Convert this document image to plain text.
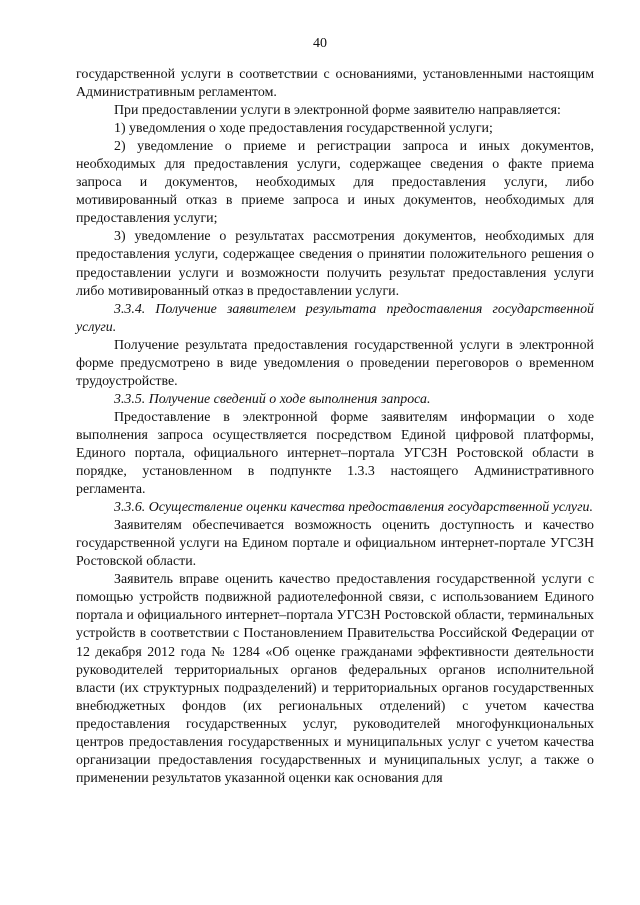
40

государственной услуги в соответствии с основаниями, установленными настоящим Административным регламентом.

При предоставлении услуги в электронной форме заявителю направляется:

1) уведомления о ходе предоставления государственной услуги;

2) уведомление о приеме и регистрации запроса и иных документов, необходимых для предоставления услуги, содержащее сведения о факте приема запроса и документов, необходимых для предоставления услуги, либо мотивированный отказ в приеме запроса и иных документов, необходимых для предоставления услуги;

3) уведомление о результатах рассмотрения документов, необходимых для предоставления услуги, содержащее сведения о принятии положительного решения о предоставлении услуги и возможности получить результат предоставления услуги либо мотивированный отказ в предоставлении услуги.

3.3.4. Получение заявителем результата предоставления государственной услуги.

Получение результата предоставления государственной услуги в электронной форме предусмотрено в виде уведомления о проведении переговоров о временном трудоустройстве.

3.3.5. Получение сведений о ходе выполнения запроса.

Предоставление в электронной форме заявителям информации о ходе выполнения запроса осуществляется посредством Единой цифровой платформы, Единого портала, официального интернет–портала УГСЗН Ростовской области в порядке, установленном в подпункте 1.3.3 настоящего Административного регламента.

3.3.6. Осуществление оценки качества предоставления государственной услуги.

Заявителям обеспечивается возможность оценить доступность и качество государственной услуги на Едином портале и официальном интернет-портале УГСЗН Ростовской области.

Заявитель вправе оценить качество предоставления государственной услуги с помощью устройств подвижной радиотелефонной связи, с использованием Единого портала и официального интернет–портала УГСЗН Ростовской области, терминальных устройств в соответствии с Постановлением Правительства Российской Федерации от 12 декабря 2012 года № 1284 «Об оценке гражданами эффективности деятельности руководителей территориальных органов федеральных органов исполнительной власти (их структурных подразделений) и территориальных органов государственных внебюджетных фондов (их региональных отделений) с учетом качества предоставления государственных услуг, руководителей многофункциональных центров предоставления государственных и муниципальных услуг с учетом качества организации предоставления государственных и муниципальных услуг, а также о применении результатов указанной оценки как основания для
